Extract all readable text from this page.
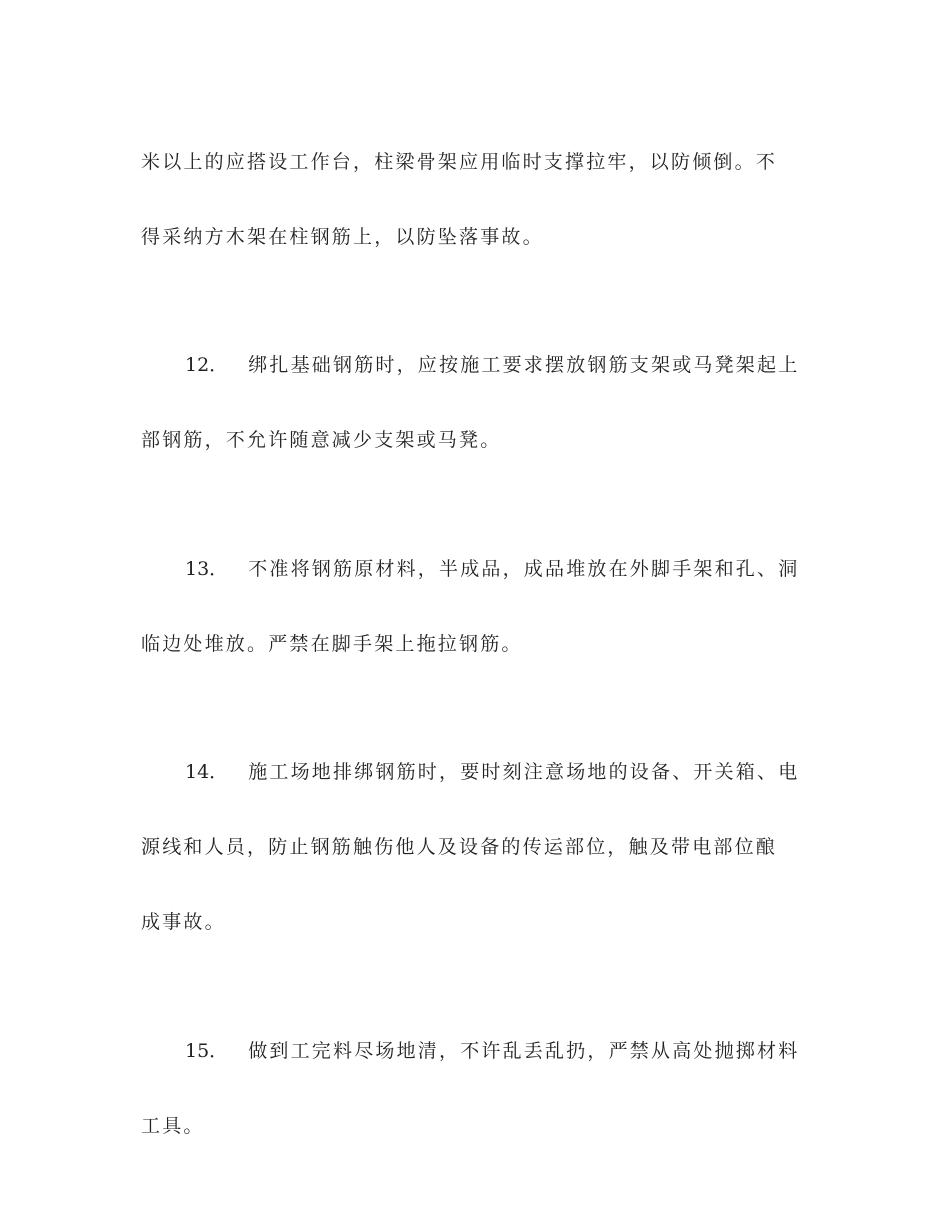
米以上的应搭设工作台，柱梁骨架应用临时支撑拉牢，以防倾倒。不

得采纳方木架在柱钢筋上，以防坠落事故。

12． 绑扎基础钢筋时，应按施工要求摆放钢筋支架或马凳架起上

部钢筋，不允许随意减少支架或马凳。

13． 不准将钢筋原材料，半成品，成品堆放在外脚手架和孔、洞

临边处堆放。严禁在脚手架上拖拉钢筋。

14． 施工场地排绑钢筋时，要时刻注意场地的设备、开关箱、电

源线和人员，防止钢筋触伤他人及设备的传运部位，触及带电部位酿

成事故。

15． 做到工完料尽场地清，不许乱丢乱扔，严禁从高处抛掷材料

工具。
